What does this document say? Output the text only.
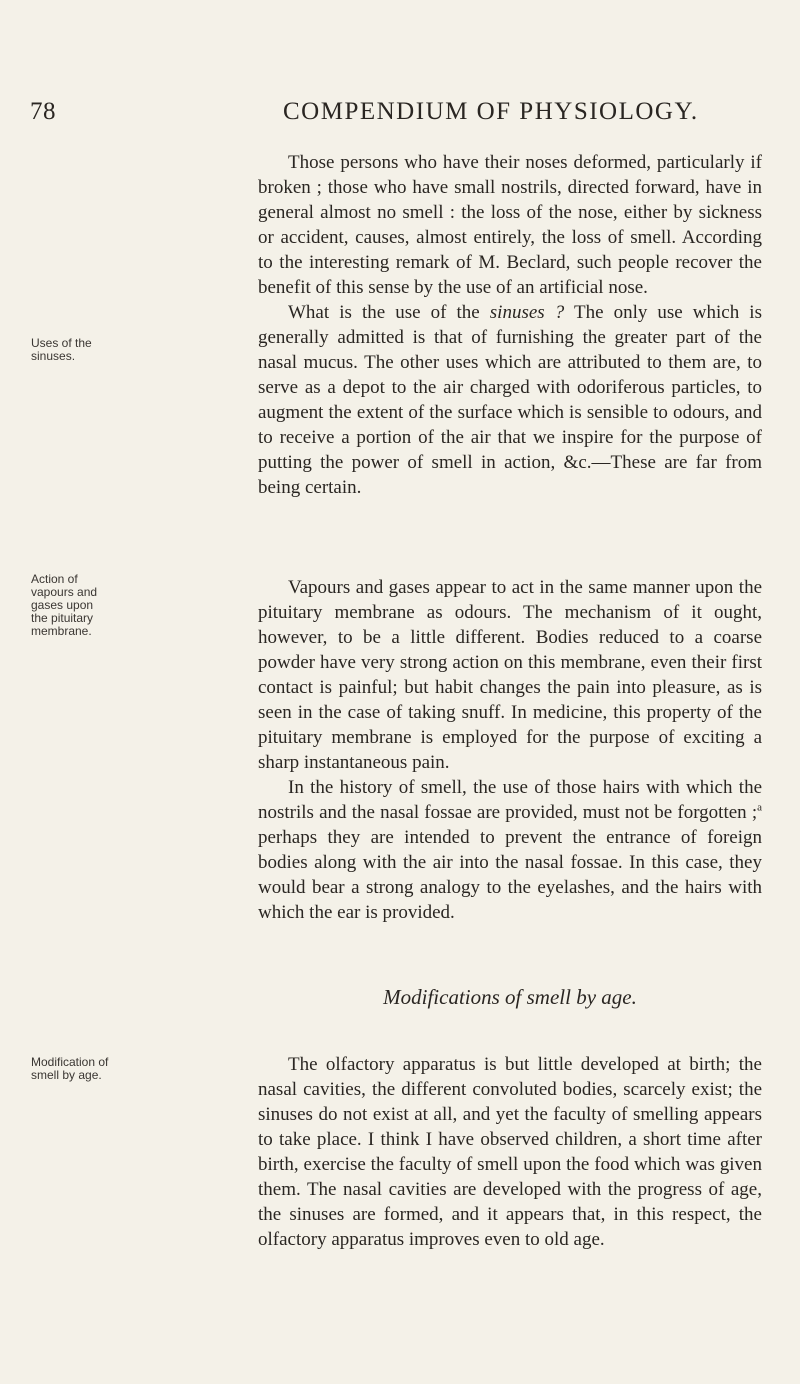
78	COMPENDIUM OF PHYSIOLOGY.
Uses of the sinuses.
Action of vapours and gases upon the pituitary membrane.
Modification of smell by age.

Those persons who have their noses deformed, particularly if broken ; those who have small nostrils, directed forward, have in general almost no smell : the loss of the nose, either by sickness or accident, causes, almost entirely, the loss of smell. According to the interesting remark of M. Beclard, such people recover the benefit of this sense by the use of an artificial nose.

What is the use of the sinuses ? The only use which is generally admitted is that of furnishing the greater part of the nasal mucus. The other uses which are attributed to them are, to serve as a depot to the air charged with odoriferous particles, to augment the extent of the surface which is sensible to odours, and to receive a portion of the air that we inspire for the purpose of putting the power of smell in action, &c.—These are far from being certain.

Vapours and gases appear to act in the same manner upon the pituitary membrane as odours. The mechanism of it ought, however, to be a little different. Bodies reduced to a coarse powder have very strong action on this membrane, even their first contact is painful; but habit changes the pain into pleasure, as is seen in the case of taking snuff. In medicine, this property of the pituitary membrane is employed for the purpose of exciting a sharp instantaneous pain.

In the history of smell, the use of those hairs with which the nostrils and the nasal fossae are provided, must not be forgotten ;$^a$ perhaps they are intended to prevent the entrance of foreign bodies along with the air into the nasal fossae. In this case, they would bear a strong analogy to the eyelashes, and the hairs with which the ear is provided.

Modifications of smell by age.

The olfactory apparatus is but little developed at birth; the nasal cavities, the different convoluted bodies, scarcely exist; the sinuses do not exist at all, and yet the faculty of smelling appears to take place. I think I have observed children, a short time after birth, exercise the faculty of smell upon the food which was given them. The nasal cavities are developed with the progress of age, the sinuses are formed, and it appears that, in this respect, the olfactory apparatus improves even to old age.
